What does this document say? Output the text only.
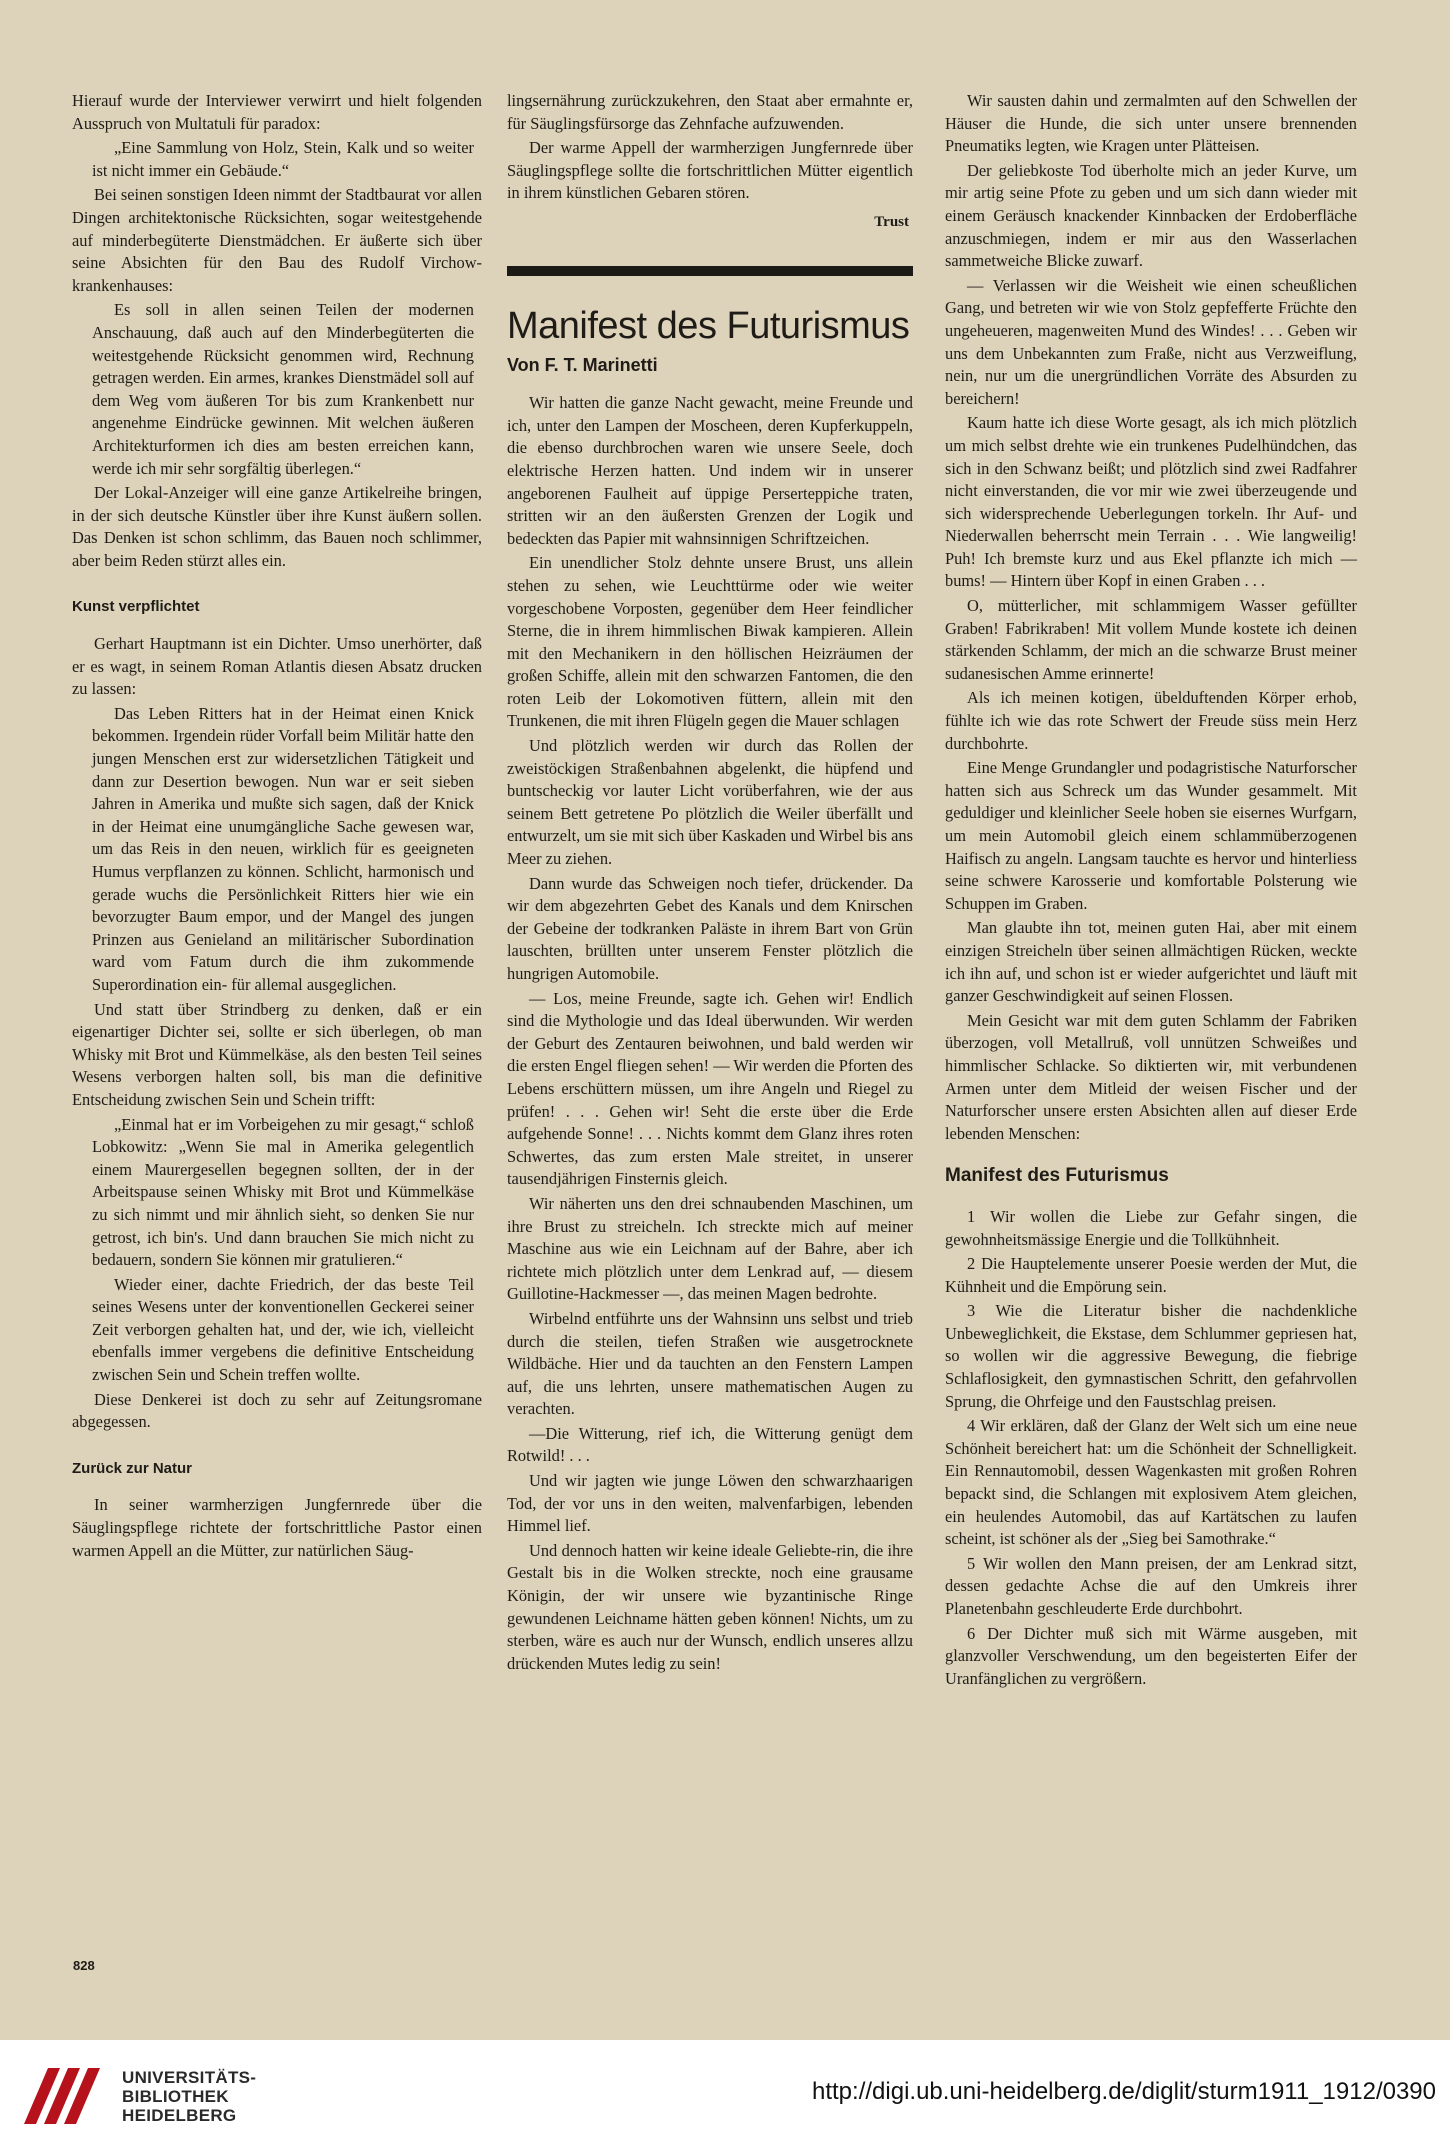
Hierauf wurde der Interviewer verwirrt und hielt folgenden Ausspruch von Multatuli für paradox:

„Eine Sammlung von Holz, Stein, Kalk und so weiter ist nicht immer ein Gebäude.“

Bei seinen sonstigen Ideen nimmt der Stadtbaurat vor allen Dingen architektonische Rücksichten, sogar weitestgehende auf minderbegüterte Dienstmädchen. Er äußerte sich über seine Absichten für den Bau des Rudolf Virchow-krankenhauses:

Es soll in allen seinen Teilen der modernen Anschauung, daß auch auf den Minderbegüterten die weitestgehende Rücksicht genommen wird, Rechnung getragen werden. Ein armes, krankes Dienstmädel soll auf dem Weg vom äußeren Tor bis zum Krankenbett nur angenehme Eindrücke gewinnen. Mit welchen äußeren Architekturformen ich dies am besten erreichen kann, werde ich mir sehr sorgfältig überlegen.“

Der Lokal-Anzeiger will eine ganze Artikelreihe bringen, in der sich deutsche Künstler über ihre Kunst äußern sollen. Das Denken ist schon schlimm, das Bauen noch schlimmer, aber beim Reden stürzt alles ein.

Kunst verpflichtet

Gerhart Hauptmann ist ein Dichter. Umso unerhörter, daß er es wagt, in seinem Roman Atlantis diesen Absatz drucken zu lassen:

Das Leben Ritters hat in der Heimat einen Knick bekommen. Irgendein rüder Vorfall beim Militär hatte den jungen Menschen erst zur widersetzlichen Tätigkeit und dann zur Desertion bewogen. Nun war er seit sieben Jahren in Amerika und mußte sich sagen, daß der Knick in der Heimat eine unumgängliche Sache gewesen war, um das Reis in den neuen, wirklich für es geeigneten Humus verpflanzen zu können. Schlicht, harmonisch und gerade wuchs die Persönlichkeit Ritters hier wie ein bevorzugter Baum empor, und der Mangel des jungen Prinzen aus Genieland an militärischer Subordination ward vom Fatum durch die ihm zukommende Superordination ein- für allemal ausgeglichen.

Und statt über Strindberg zu denken, daß er ein eigenartiger Dichter sei, sollte er sich überlegen, ob man Whisky mit Brot und Kümmelkäse, als den besten Teil seines Wesens verborgen halten soll, bis man die definitive Entscheidung zwischen Sein und Schein trifft:

„Einmal hat er im Vorbeigehen zu mir gesagt,“ schloß Lobkowitz: „Wenn Sie mal in Amerika gelegentlich einem Maurergesellen begegnen sollten, der in der Arbeitspause seinen Whisky mit Brot und Kümmelkäse zu sich nimmt und mir ähnlich sieht, so denken Sie nur getrost, ich bin's. Und dann brauchen Sie mich nicht zu bedauern, sondern Sie können mir gratulieren.“

Wieder einer, dachte Friedrich, der das beste Teil seines Wesens unter der konventionellen Geckerei seiner Zeit verborgen gehalten hat, und der, wie ich, vielleicht ebenfalls immer vergebens die definitive Entscheidung zwischen Sein und Schein treffen wollte.

Diese Denkerei ist doch zu sehr auf Zeitungsromane abgegessen.

Zurück zur Natur

In seiner warmherzigen Jungfernrede über die Säuglingspflege richtete der fortschrittliche Pastor einen warmen Appell an die Mütter, zur natürlichen Säug-

lingsernährung zurückzukehren, den Staat aber ermahnte er, für Säuglingsfürsorge das Zehnfache aufzuwenden.

Der warme Appell der warmherzigen Jungfernrede über Säuglingspflege sollte die fortschrittlichen Mütter eigentlich in ihrem künstlichen Gebaren stören.

Trust

Manifest des Futurismus
Von F. T. Marinetti

Wir hatten die ganze Nacht gewacht, meine Freunde und ich, unter den Lampen der Moscheen, deren Kupferkuppeln, die ebenso durchbrochen waren wie unsere Seele, doch elektrische Herzen hatten. Und indem wir in unserer angeborenen Faulheit auf üppige Perserteppiche traten, stritten wir an den äußersten Grenzen der Logik und bedeckten das Papier mit wahnsinnigen Schriftzeichen.

Ein unendlicher Stolz dehnte unsere Brust, uns allein stehen zu sehen, wie Leuchttürme oder wie weiter vorgeschobene Vorposten, gegenüber dem Heer feindlicher Sterne, die in ihrem himmlischen Biwak kampieren. Allein mit den Mechanikern in den höllischen Heizräumen der großen Schiffe, allein mit den schwarzen Fantomen, die den roten Leib der Lokomotiven füttern, allein mit den Trunkenen, die mit ihren Flügeln gegen die Mauer schlagen

Und plötzlich werden wir durch das Rollen der zweistöckigen Straßenbahnen abgelenkt, die hüpfend und buntscheckig vor lauter Licht vorüberfahren, wie der aus seinem Bett getretene Po plötzlich die Weiler überfällt und entwurzelt, um sie mit sich über Kaskaden und Wirbel bis ans Meer zu ziehen.

Dann wurde das Schweigen noch tiefer, drückender. Da wir dem abgezehrten Gebet des Kanals und dem Knirschen der Gebeine der todkranken Paläste in ihrem Bart von Grün lauschten, brüllten unter unserem Fenster plötzlich die hungrigen Automobile.

— Los, meine Freunde, sagte ich. Gehen wir! Endlich sind die Mythologie und das Ideal überwunden. Wir werden der Geburt des Zentauren beiwohnen, und bald werden wir die ersten Engel fliegen sehen! — Wir werden die Pforten des Lebens erschüttern müssen, um ihre Angeln und Riegel zu prüfen! . . . Gehen wir! Seht die erste über die Erde aufgehende Sonne! . . . Nichts kommt dem Glanz ihres roten Schwertes, das zum ersten Male streitet, in unserer tausendjährigen Finsternis gleich.

Wir näherten uns den drei schnaubenden Maschinen, um ihre Brust zu streicheln. Ich streckte mich auf meiner Maschine aus wie ein Leichnam auf der Bahre, aber ich richtete mich plötzlich unter dem Lenkrad auf, — diesem Guillotine-Hackmesser —, das meinen Magen bedrohte.

Wirbelnd entführte uns der Wahnsinn uns selbst und trieb durch die steilen, tiefen Straßen wie ausgetrocknete Wildbäche. Hier und da tauchten an den Fenstern Lampen auf, die uns lehrten, unsere mathematischen Augen zu verachten.

—Die Witterung, rief ich, die Witterung genügt dem Rotwild! . . .

Und wir jagten wie junge Löwen den schwarzhaarigen Tod, der vor uns in den weiten, malvenfarbigen, lebenden Himmel lief.

Und dennoch hatten wir keine ideale Geliebte-rin, die ihre Gestalt bis in die Wolken streckte, noch eine grausame Königin, der wir unsere wie byzantinische Ringe gewundenen Leichname hätten geben können! Nichts, um zu sterben, wäre es auch nur der Wunsch, endlich unseres allzu drückenden Mutes ledig zu sein!

Wir sausten dahin und zermalmten auf den Schwellen der Häuser die Hunde, die sich unter unsere brennenden Pneumatiks legten, wie Kragen unter Plätteisen.

Der geliebkoste Tod überholte mich an jeder Kurve, um mir artig seine Pfote zu geben und um sich dann wieder mit einem Geräusch knackender Kinnbacken der Erdoberfläche anzuschmiegen, indem er mir aus den Wasserlachen sammetweiche Blicke zuwarf.

— Verlassen wir die Weisheit wie einen scheußlichen Gang, und betreten wir wie von Stolz gepfefferte Früchte den ungeheueren, magenweiten Mund des Windes! . . . Geben wir uns dem Unbekannten zum Fraße, nicht aus Verzweiflung, nein, nur um die unergründlichen Vorräte des Absurden zu bereichern!

Kaum hatte ich diese Worte gesagt, als ich mich plötzlich um mich selbst drehte wie ein trunkenes Pudelhündchen, das sich in den Schwanz beißt; und plötzlich sind zwei Radfahrer nicht einverstanden, die vor mir wie zwei überzeugende und sich widersprechende Ueberlegungen torkeln. Ihr Auf- und Niederwallen beherrscht mein Terrain . . . Wie langweilig! Puh! Ich bremste kurz und aus Ekel pflanzte ich mich — bums! — Hintern über Kopf in einen Graben . . .

O, mütterlicher, mit schlammigem Wasser gefüllter Graben! Fabrikraben! Mit vollem Munde kostete ich deinen stärkenden Schlamm, der mich an die schwarze Brust meiner sudanesischen Amme erinnerte!

Als ich meinen kotigen, übelduftenden Körper erhob, fühlte ich wie das rote Schwert der Freude süss mein Herz durchbohrte.

Eine Menge Grundangler und podagristische Naturforscher hatten sich aus Schreck um das Wunder gesammelt. Mit geduldiger und kleinlicher Seele hoben sie eisernes Wurfgarn, um mein Automobil gleich einem schlammüberzogenen Haifisch zu angeln. Langsam tauchte es hervor und hinterliess seine schwere Karosserie und komfortable Polsterung wie Schuppen im Graben.

Man glaubte ihn tot, meinen guten Hai, aber mit einem einzigen Streicheln über seinen allmächtigen Rücken, weckte ich ihn auf, und schon ist er wieder aufgerichtet und läuft mit ganzer Geschwindigkeit auf seinen Flossen.

Mein Gesicht war mit dem guten Schlamm der Fabriken überzogen, voll Metallruß, voll unnützen Schweißes und himmlischer Schlacke. So diktierten wir, mit verbundenen Armen unter dem Mitleid der weisen Fischer und der Naturforscher unsere ersten Absichten allen auf dieser Erde lebenden Menschen:

Manifest des Futurismus

1 Wir wollen die Liebe zur Gefahr singen, die gewohnheitsmässige Energie und die Tollkühnheit.

2 Die Hauptelemente unserer Poesie werden der Mut, die Kühnheit und die Empörung sein.

3 Wie die Literatur bisher die nachdenkliche Unbeweglichkeit, die Ekstase, dem Schlummer gepriesen hat, so wollen wir die aggressive Bewegung, die fiebrige Schlaflosigkeit, den gymnastischen Schritt, den gefahrvollen Sprung, die Ohrfeige und den Faustschlag preisen.

4 Wir erklären, daß der Glanz der Welt sich um eine neue Schönheit bereichert hat: um die Schönheit der Schnelligkeit. Ein Rennautomobil, dessen Wagenkasten mit großen Rohren bepackt sind, die Schlangen mit explosivem Atem gleichen, ein heulendes Automobil, das auf Kartätschen zu laufen scheint, ist schöner als der „Sieg bei Samothrake.“

5 Wir wollen den Mann preisen, der am Lenkrad sitzt, dessen gedachte Achse die auf den Umkreis ihrer Planetenbahn geschleuderte Erde durchbohrt.

6 Der Dichter muß sich mit Wärme ausgeben, mit glanzvoller Verschwendung, um den begeisterten Eifer der Uranfänglichen zu vergrößern.

828
UNIVERSITÄTS-
BIBLIOTHEK
HEIDELBERG
http://digi.ub.uni-heidelberg.de/diglit/sturm1911_1912/0390
